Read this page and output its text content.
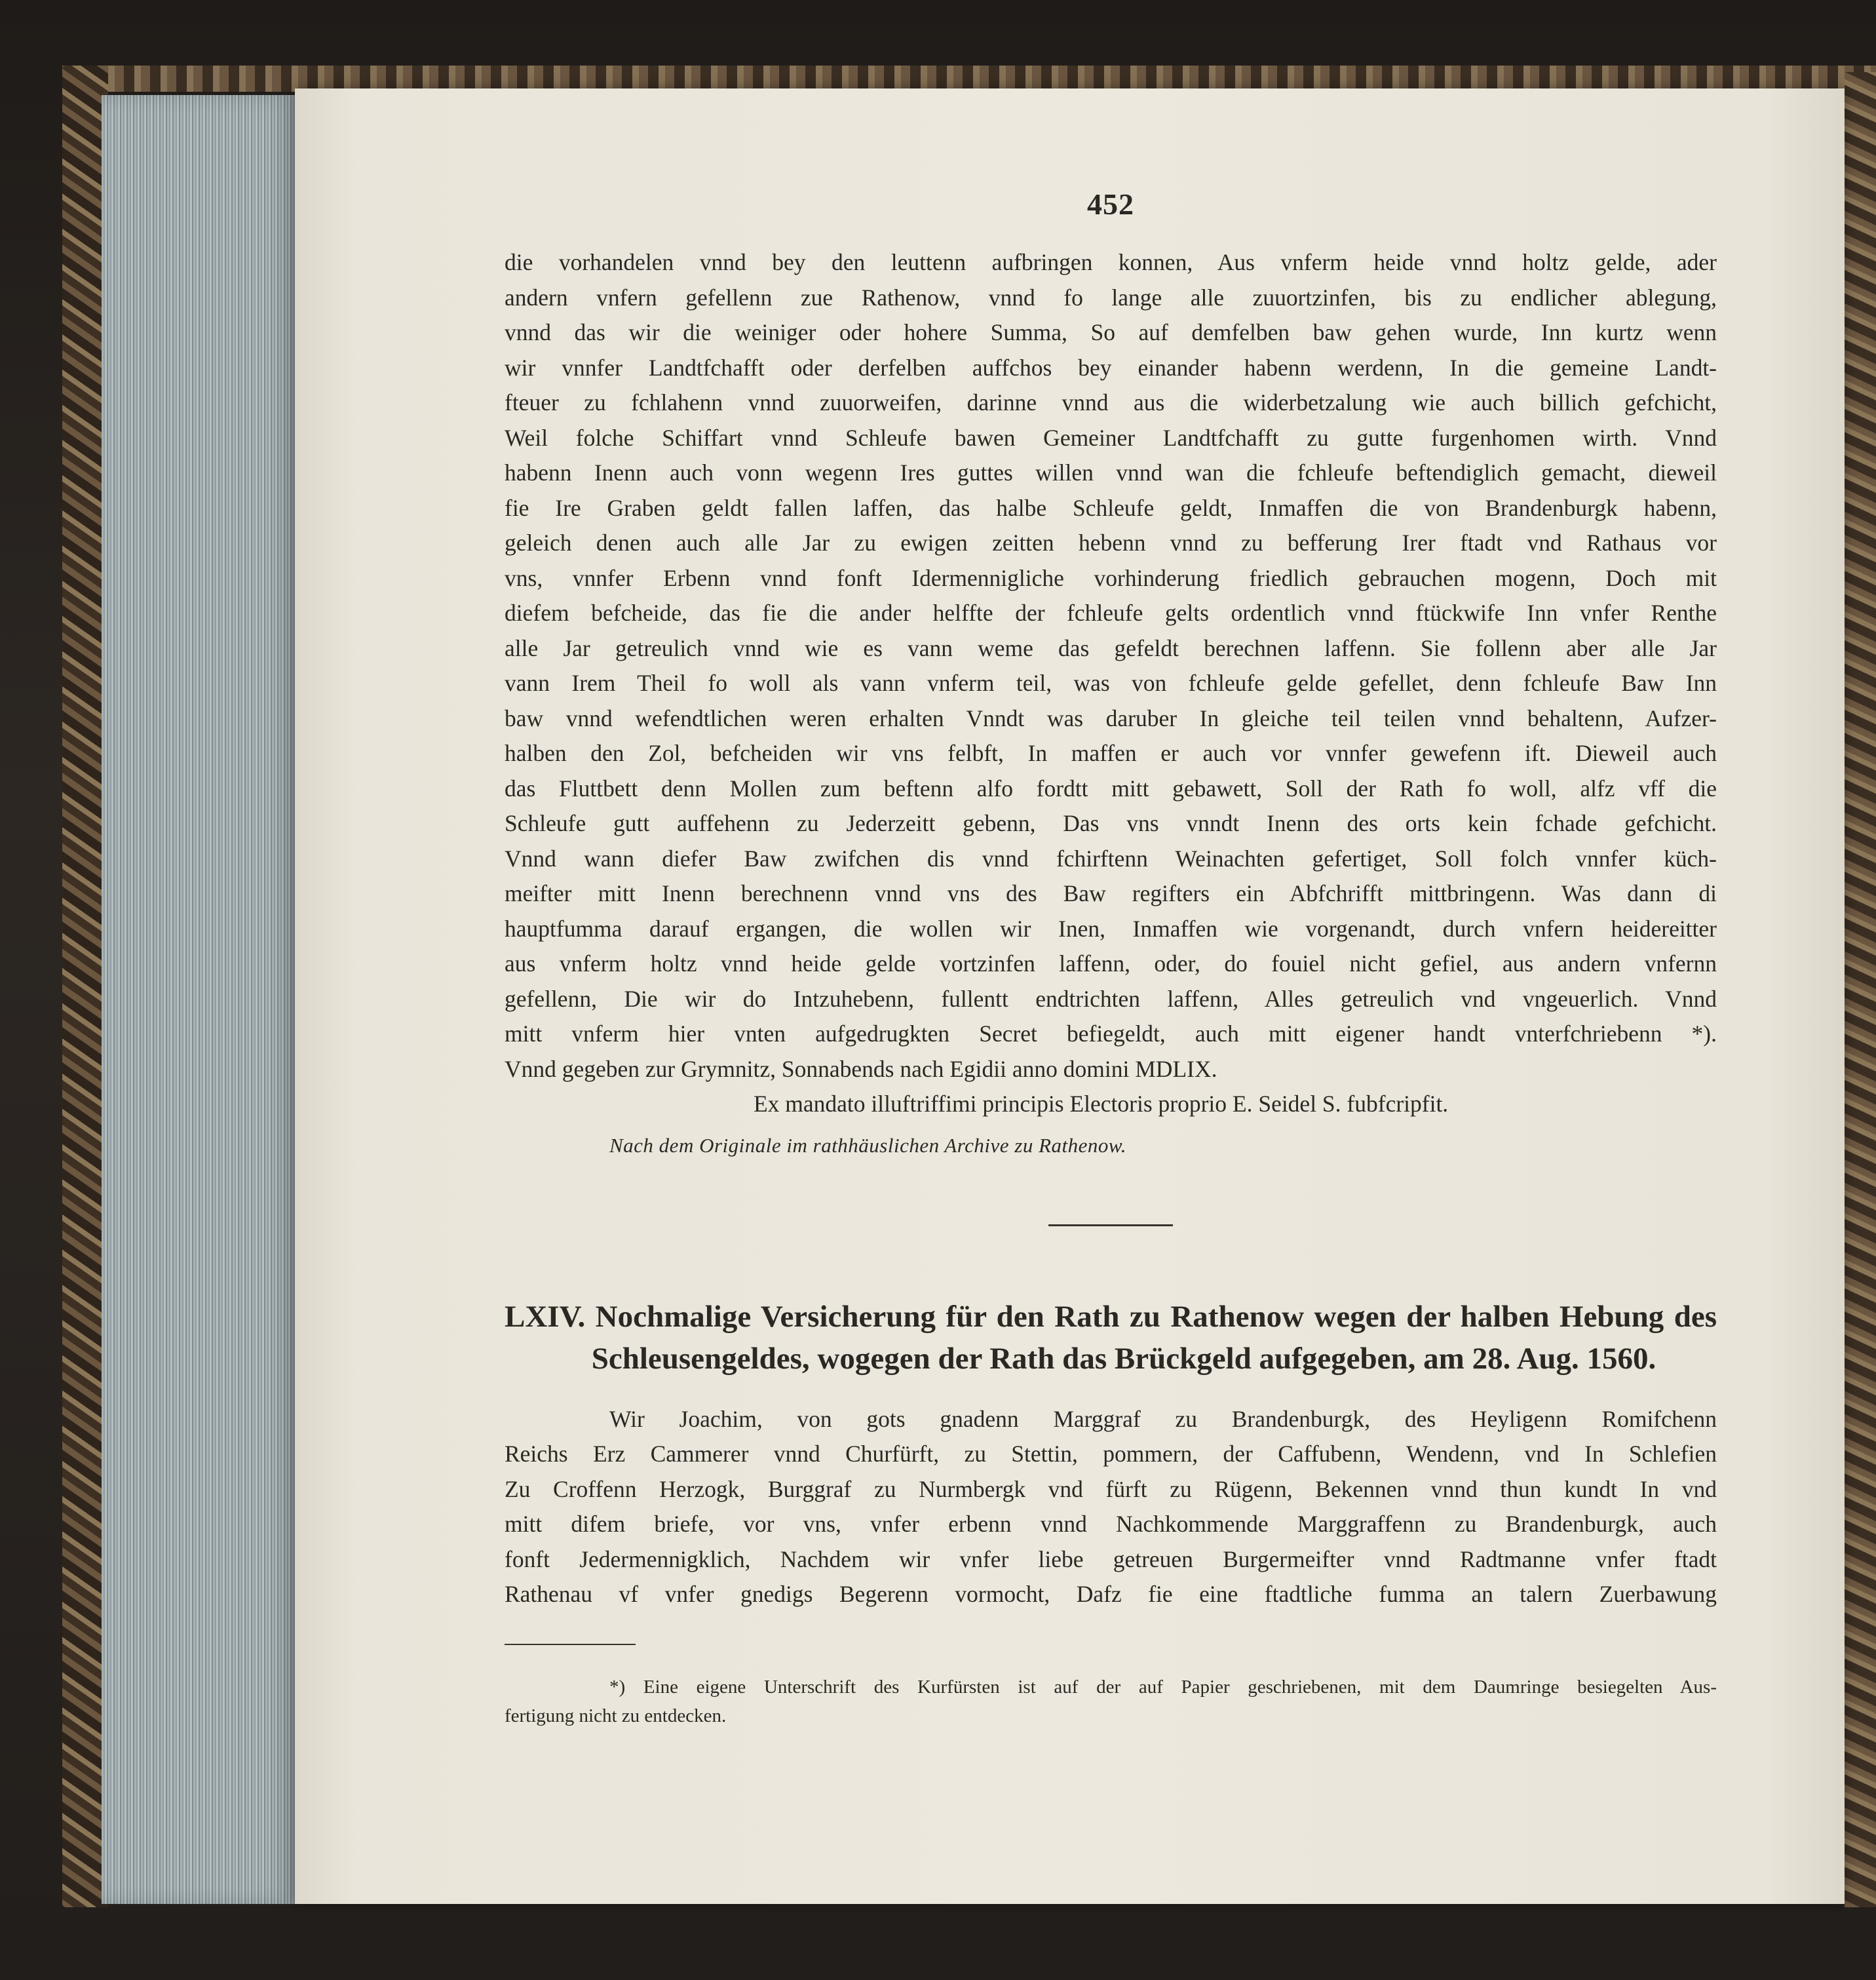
452
die vorhandelen vnnd bey den leuttenn aufbringen konnen, Aus vnferm heide vnnd holtz gelde, ader
andern vnfern gefellenn zue Rathenow, vnnd fo lange alle zuuortzinfen, bis zu endlicher ablegung,
vnnd das wir die weiniger oder hohere Summa, So auf demfelben baw gehen wurde, Inn kurtz wenn
wir vnnfer Landtfchafft oder derfelben auffchos bey einander habenn werdenn, In die gemeine Landt-
fteuer zu fchlahenn vnnd zuuorweifen, darinne vnnd aus die widerbetzalung wie auch billich gefchicht,
Weil folche Schiffart vnnd Schleufe bawen Gemeiner Landtfchafft zu gutte furgenhomen wirth. Vnnd
habenn Inenn auch vonn wegenn Ires guttes willen vnnd wan die fchleufe beftendiglich gemacht, dieweil
fie Ire Graben geldt fallen laffen, das halbe Schleufe geldt, Inmaffen die von Brandenburgk habenn,
geleich denen auch alle Jar zu ewigen zeitten hebenn vnnd zu befferung Irer ftadt vnd Rathaus vor
vns, vnnfer Erbenn vnnd fonft Idermennigliche vorhinderung friedlich gebrauchen mogenn, Doch mit
diefem befcheide, das fie die ander helffte der fchleufe gelts ordentlich vnnd ftückwife Inn vnfer Renthe
alle Jar getreulich vnnd wie es vann weme das gefeldt berechnen laffenn. Sie follenn aber alle Jar
vann Irem Theil fo woll als vann vnferm teil, was von fchleufe gelde gefellet, denn fchleufe Baw Inn
baw vnnd wefendtlichen weren erhalten Vnndt was daruber In gleiche teil teilen vnnd behaltenn, Aufzer-
halben den Zol, befcheiden wir vns felbft, In maffen er auch vor vnnfer gewefenn ift. Dieweil auch
das Fluttbett denn Mollen zum beftenn alfo fordtt mitt gebawett, Soll der Rath fo woll, alfz vff die
Schleufe gutt auffehenn zu Jederzeitt gebenn, Das vns vnndt Inenn des orts kein fchade gefchicht.
Vnnd wann diefer Baw zwifchen dis vnnd fchirftenn Weinachten gefertiget, Soll folch vnnfer küch-
meifter mitt Inenn berechnenn vnnd vns des Baw regifters ein Abfchrifft mittbringenn. Was dann di
hauptfumma darauf ergangen, die wollen wir Inen, Inmaffen wie vorgenandt, durch vnfern heidereitter
aus vnferm holtz vnnd heide gelde vortzinfen laffenn, oder, do fouiel nicht gefiel, aus andern vnfernn
gefellenn, Die wir do Intzuhebenn, fullentt endtrichten laffenn, Alles getreulich vnd vngeuerlich. Vnnd
mitt vnferm hier vnten aufgedrugkten Secret befiegeldt, auch mitt eigener handt vnterfchriebenn *).
Vnnd gegeben zur Grymnitz, Sonnabends nach Egidii anno domini MDLIX.
Ex mandato illuftriffimi principis Electoris proprio E. Seidel S. fubfcripfit.
Nach dem Originale im rathhäuslichen Archive zu Rathenow.
LXIV. Nochmalige Versicherung für den Rath zu Rathenow wegen der halben Hebung des
Schleusengeldes, wogegen der Rath das Brückgeld aufgegeben, am 28. Aug. 1560.
Wir Joachim, von gots gnadenn Marggraf zu Brandenburgk, des Heyligenn Romifchenn
Reichs Erz Cammerer vnnd Churfürft, zu Stettin, pommern, der Caffubenn, Wendenn, vnd In Schlefien
Zu Croffenn Herzogk, Burggraf zu Nurmbergk vnd fürft zu Rügenn, Bekennen vnnd thun kundt In vnd
mitt difem briefe, vor vns, vnfer erbenn vnnd Nachkommende Marggraffenn zu Brandenburgk, auch
fonft Jedermennigklich, Nachdem wir vnfer liebe getreuen Burgermeifter vnnd Radtmanne vnfer ftadt
Rathenau vf vnfer gnedigs Begerenn vormocht, Dafz fie eine ftadtliche fumma an talern Zuerbawung
*) Eine eigene Unterschrift des Kurfürsten ist auf der auf Papier geschriebenen, mit dem Daumringe besiegelten Aus-
fertigung nicht zu entdecken.
